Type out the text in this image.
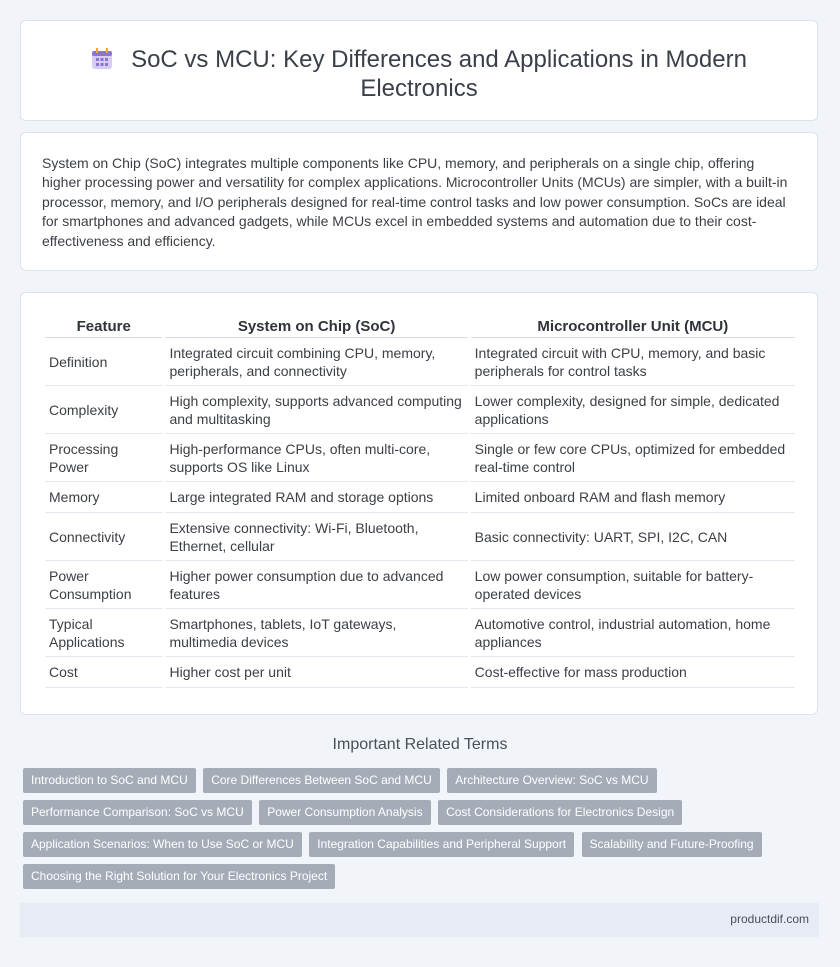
SoC vs MCU: Key Differences and Applications in Modern
Electronics

System on Chip (SoC) integrates multiple components like CPU, memory, and peripherals on a single chip, offering higher processing power and versatility for complex applications. Microcontroller Units (MCUs) are simpler, with a built-in processor, memory, and I/O peripherals designed for real-time control tasks and low power consumption. SoCs are ideal for smartphones and advanced gadgets, while MCUs excel in embedded systems and automation due to their cost-effectiveness and efficiency.

Feature	System on Chip (SoC)	Microcontroller Unit (MCU)
Definition	Integrated circuit combining CPU, memory, peripherals, and connectivity	Integrated circuit with CPU, memory, and basic peripherals for control tasks
Complexity	High complexity, supports advanced computing and multitasking	Lower complexity, designed for simple, dedicated applications
Processing Power	High-performance CPUs, often multi-core, supports OS like Linux	Single or few core CPUs, optimized for embedded real-time control
Memory	Large integrated RAM and storage options	Limited onboard RAM and flash memory
Connectivity	Extensive connectivity: Wi-Fi, Bluetooth, Ethernet, cellular	Basic connectivity: UART, SPI, I2C, CAN
Power Consumption	Higher power consumption due to advanced features	Low power consumption, suitable for battery-operated devices
Typical Applications	Smartphones, tablets, IoT gateways, multimedia devices	Automotive control, industrial automation, home appliances
Cost	Higher cost per unit	Cost-effective for mass production
Important Related Terms
Introduction to SoC and MCU Core Differences Between SoC and MCU Architecture Overview: SoC vs MCU
Performance Comparison: SoC vs MCU Power Consumption Analysis Cost Considerations for Electronics Design
Application Scenarios: When to Use SoC or MCU Integration Capabilities and Peripheral Support Scalability and Future-Proofing
Choosing the Right Solution for Your Electronics Project
productdif.com
